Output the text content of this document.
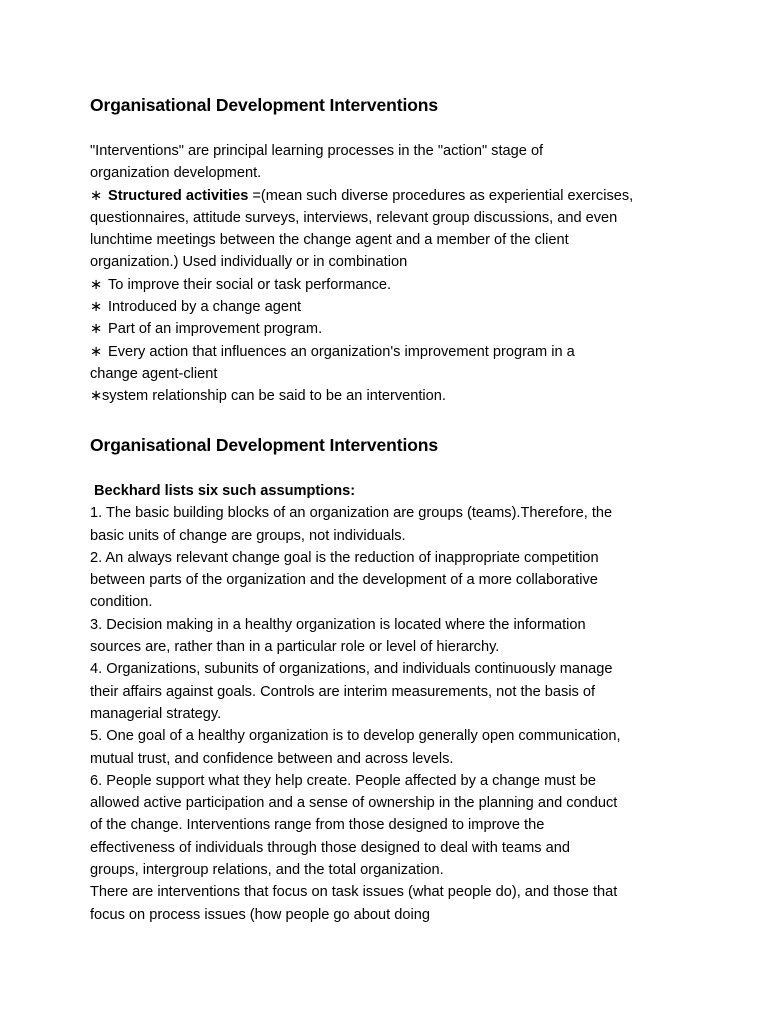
Organisational Development Interventions

"Interventions" are principal learning processes in the "action" stage of

organization development.

∗ Structured activities =(mean such diverse procedures as experiential exercises,

questionnaires, attitude surveys, interviews, relevant group discussions, and even

lunchtime meetings between the change agent and a member of the client

organization.) Used individually or in combination

∗ To improve their social or task performance.

∗ Introduced by a change agent

∗ Part of an improvement program.

∗ Every action that influences an organization's improvement program in a

change agent-client

∗system relationship can be said to be an intervention.

Organisational Development Interventions

Beckhard lists six such assumptions:

1. The basic building blocks of an organization are groups (teams).Therefore, the

basic units of change are groups, not individuals.

2. An always relevant change goal is the reduction of inappropriate competition

between parts of the organization and the development of a more collaborative

condition.

3. Decision making in a healthy organization is located where the information

sources are, rather than in a particular role or level of hierarchy.

4. Organizations, subunits of organizations, and individuals continuously manage

their affairs against goals. Controls are interim measurements, not the basis of

managerial strategy.

5. One goal of a healthy organization is to develop generally open communication,

mutual trust, and confidence between and across levels.

6. People support what they help create. People affected by a change must be

allowed active participation and a sense of ownership in the planning and conduct

of the change. Interventions range from those designed to improve the

effectiveness of individuals through those designed to deal with teams and

groups, intergroup relations, and the total organization.

There are interventions that focus on task issues (what people do), and those that

focus on process issues (how people go about doing
